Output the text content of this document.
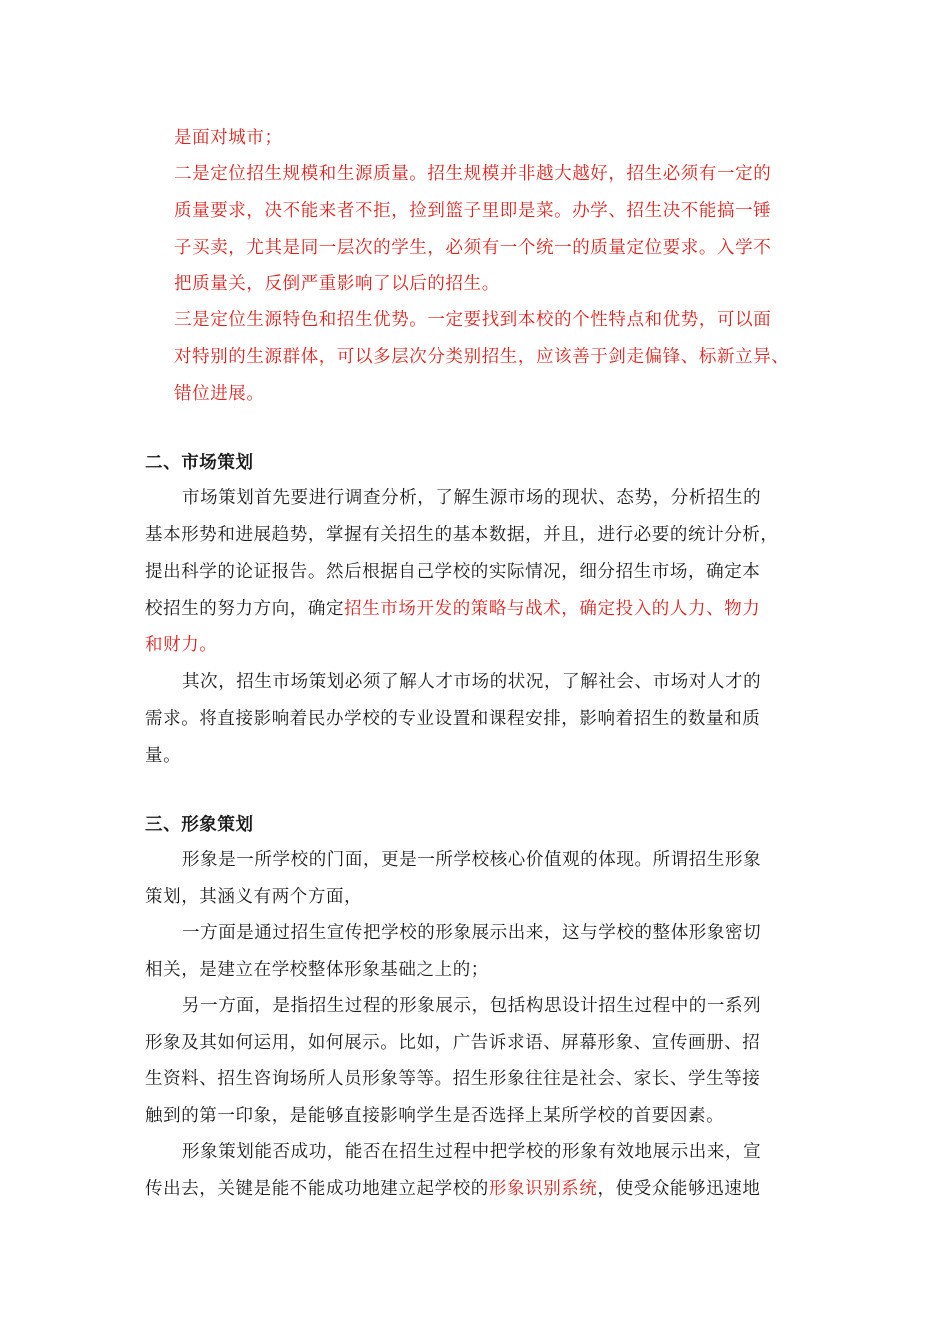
是面对城市；
二是定位招生规模和生源质量。招生规模并非越大越好，招生必须有一定的
质量要求，决不能来者不拒，捡到篮子里即是菜。办学、招生决不能搞一锤
子买卖，尤其是同一层次的学生，必须有一个统一的质量定位要求。入学不
把质量关，反倒严重影响了以后的招生。
三是定位生源特色和招生优势。一定要找到本校的个性特点和优势，可以面
对特别的生源群体，可以多层次分类别招生，应该善于剑走偏锋、标新立异、
错位进展。
二、市场策划
市场策划首先要进行调查分析，了解生源市场的现状、态势，分析招生的
基本形势和进展趋势，掌握有关招生的基本数据，并且，进行必要的统计分析，
提出科学的论证报告。然后根据自己学校的实际情况，细分招生市场，确定本
校招生的努力方向，确定招生市场开发的策略与战术，确定投入的人力、物力
和财力。
其次，招生市场策划必须了解人才市场的状况，了解社会、市场对人才的
需求。将直接影响着民办学校的专业设置和课程安排，影响着招生的数量和质
量。
三、形象策划
形象是一所学校的门面，更是一所学校核心价值观的体现。所谓招生形象
策划，其涵义有两个方面，
一方面是通过招生宣传把学校的形象展示出来，这与学校的整体形象密切
相关，是建立在学校整体形象基础之上的；
另一方面，是指招生过程的形象展示，包括构思设计招生过程中的一系列
形象及其如何运用，如何展示。比如，广告诉求语、屏幕形象、宣传画册、招
生资料、招生咨询场所人员形象等等。招生形象往往是社会、家长、学生等接
触到的第一印象，是能够直接影响学生是否选择上某所学校的首要因素。
形象策划能否成功，能否在招生过程中把学校的形象有效地展示出来，宣
传出去，关键是能不能成功地建立起学校的形象识别系统，使受众能够迅速地
